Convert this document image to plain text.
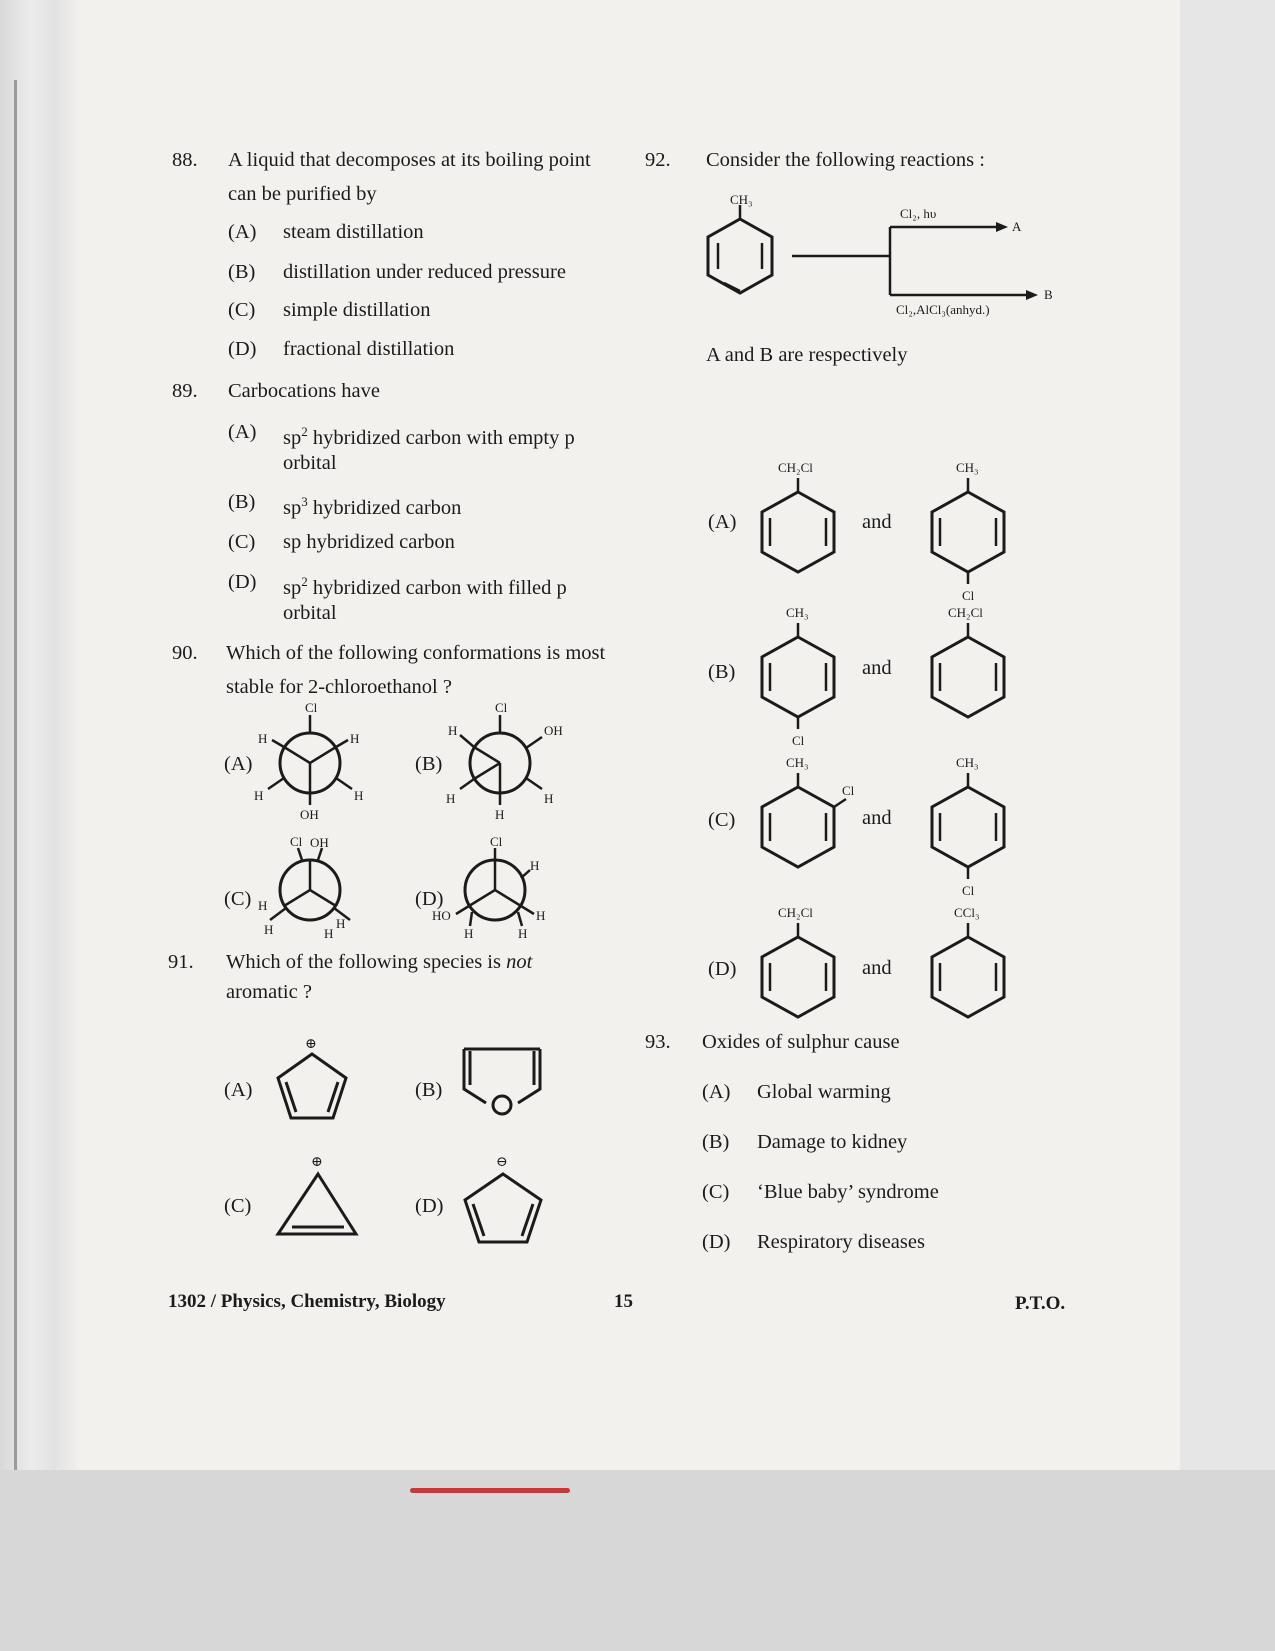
88. A liquid that decomposes at its boiling point
can be purified by
(A) steam distillation
(B) distillation under reduced pressure
(C) simple distillation
(D) fractional distillation
89. Carbocations have
(A) $sp^2$ hybridized carbon with empty p
orbital
(B) $sp^3$ hybridized carbon
(C) sp hybridized carbon
(D) $sp^2$ hybridized carbon with filled p
orbital
90. Which of the following conformations is most
stable for 2-chloroethanol ?
(A)	(B)
(C)	(D)
Cl
H	H
H	H
OH
Cl
H	OH
H	H
H
Cl OH
H
H	H
H
Cl
H
HO	H
H	H
91. Which of the following species is not
aromatic ?
(A)	(B)
(C)	(D)
⊕
⊕	⊖
92. Consider the following reactions :
CH₃
Cl₂, hυ
A
Cl₂,AlCl₃(anhyd.)
B
A and B are respectively
(A)
(B)
(C)
(D)
and
and
and
and
CH₂Cl	CH₃
Cl
CH₃
Cl
CH₂Cl
CH₃
Cl
CH₃
Cl
CH₂Cl	CCl₃
93. Oxides of sulphur cause
(A) Global warming
(B) Damage to kidney
(C) ‘Blue baby’ syndrome
(D) Respiratory diseases
1302 / Physics, Chemistry, Biology	15	P.T.O.
